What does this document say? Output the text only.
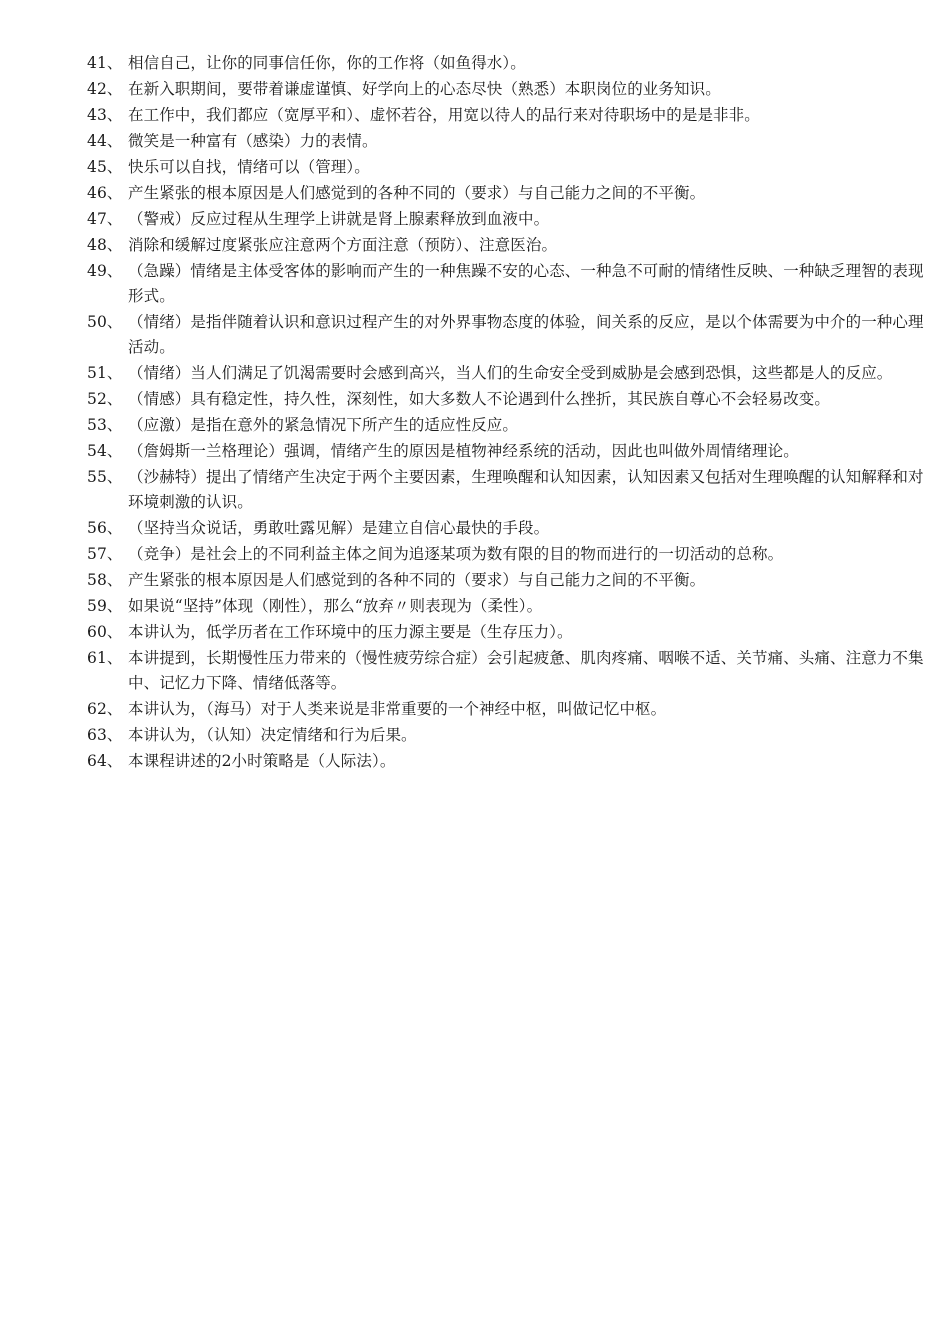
41、 相信自己，让你的同事信任你，你的工作将（如鱼得水）。
42、 在新入职期间，要带着谦虚谨慎、好学向上的心态尽快（熟悉）本职岗位的业务知识。
43、 在工作中，我们都应（宽厚平和）、虚怀若谷，用宽以待人的品行来对待职场中的是是非非。
44、 微笑是一种富有（感染）力的表情。
45、 快乐可以自找，情绪可以（管理）。
46、 产生紧张的根本原因是人们感觉到的各种不同的（要求）与自己能力之间的不平衡。
47、 （警戒）反应过程从生理学上讲就是肾上腺素释放到血液中。
48、 消除和缓解过度紧张应注意两个方面注意（预防）、注意医治。
49、 （急躁）情绪是主体受客体的影响而产生的一种焦躁不安的心态、一种急不可耐的情绪性反映、一种缺乏理智的表现形式。
50、 （情绪）是指伴随着认识和意识过程产生的对外界事物态度的体验，间关系的反应，是以个体需要为中介的一种心理活动。
51、 （情绪）当人们满足了饥渴需要时会感到高兴，当人们的生命安全受到威胁是会感到恐惧，这些都是人的反应。
52、 （情感）具有稳定性，持久性，深刻性，如大多数人不论遇到什么挫折，其民族自尊心不会轻易改变。
53、 （应激）是指在意外的紧急情况下所产生的适应性反应。
54、 （詹姆斯一兰格理论）强调，情绪产生的原因是植物神经系统的活动，因此也叫做外周情绪理论。
55、 （沙赫特）提出了情绪产生决定于两个主要因素，生理唤醒和认知因素，认知因素又包括对生理唤醒的认知解释和对环境刺激的认识。
56、 （坚持当众说话，勇敢吐露见解）是建立自信心最快的手段。
57、 （竞争）是社会上的不同利益主体之间为追逐某项为数有限的目的物而进行的一切活动的总称。
58、 产生紧张的根本原因是人们感觉到的各种不同的（要求）与自己能力之间的不平衡。
59、 如果说“坚持”体现（刚性），那么“放弃〃则表现为（柔性）。
60、 本讲认为，低学历者在工作环境中的压力源主要是（生存压力）。
61、 本讲提到，长期慢性压力带来的（慢性疲劳综合症）会引起疲惫、肌肉疼痛、咽喉不适、关节痛、头痛、注意力不集中、记忆力下降、情绪低落等。
62、 本讲认为，（海马）对于人类来说是非常重要的一个神经中枢，叫做记忆中枢。
63、 本讲认为，（认知）决定情绪和行为后果。
64、 本课程讲述的2小时策略是（人际法）。
